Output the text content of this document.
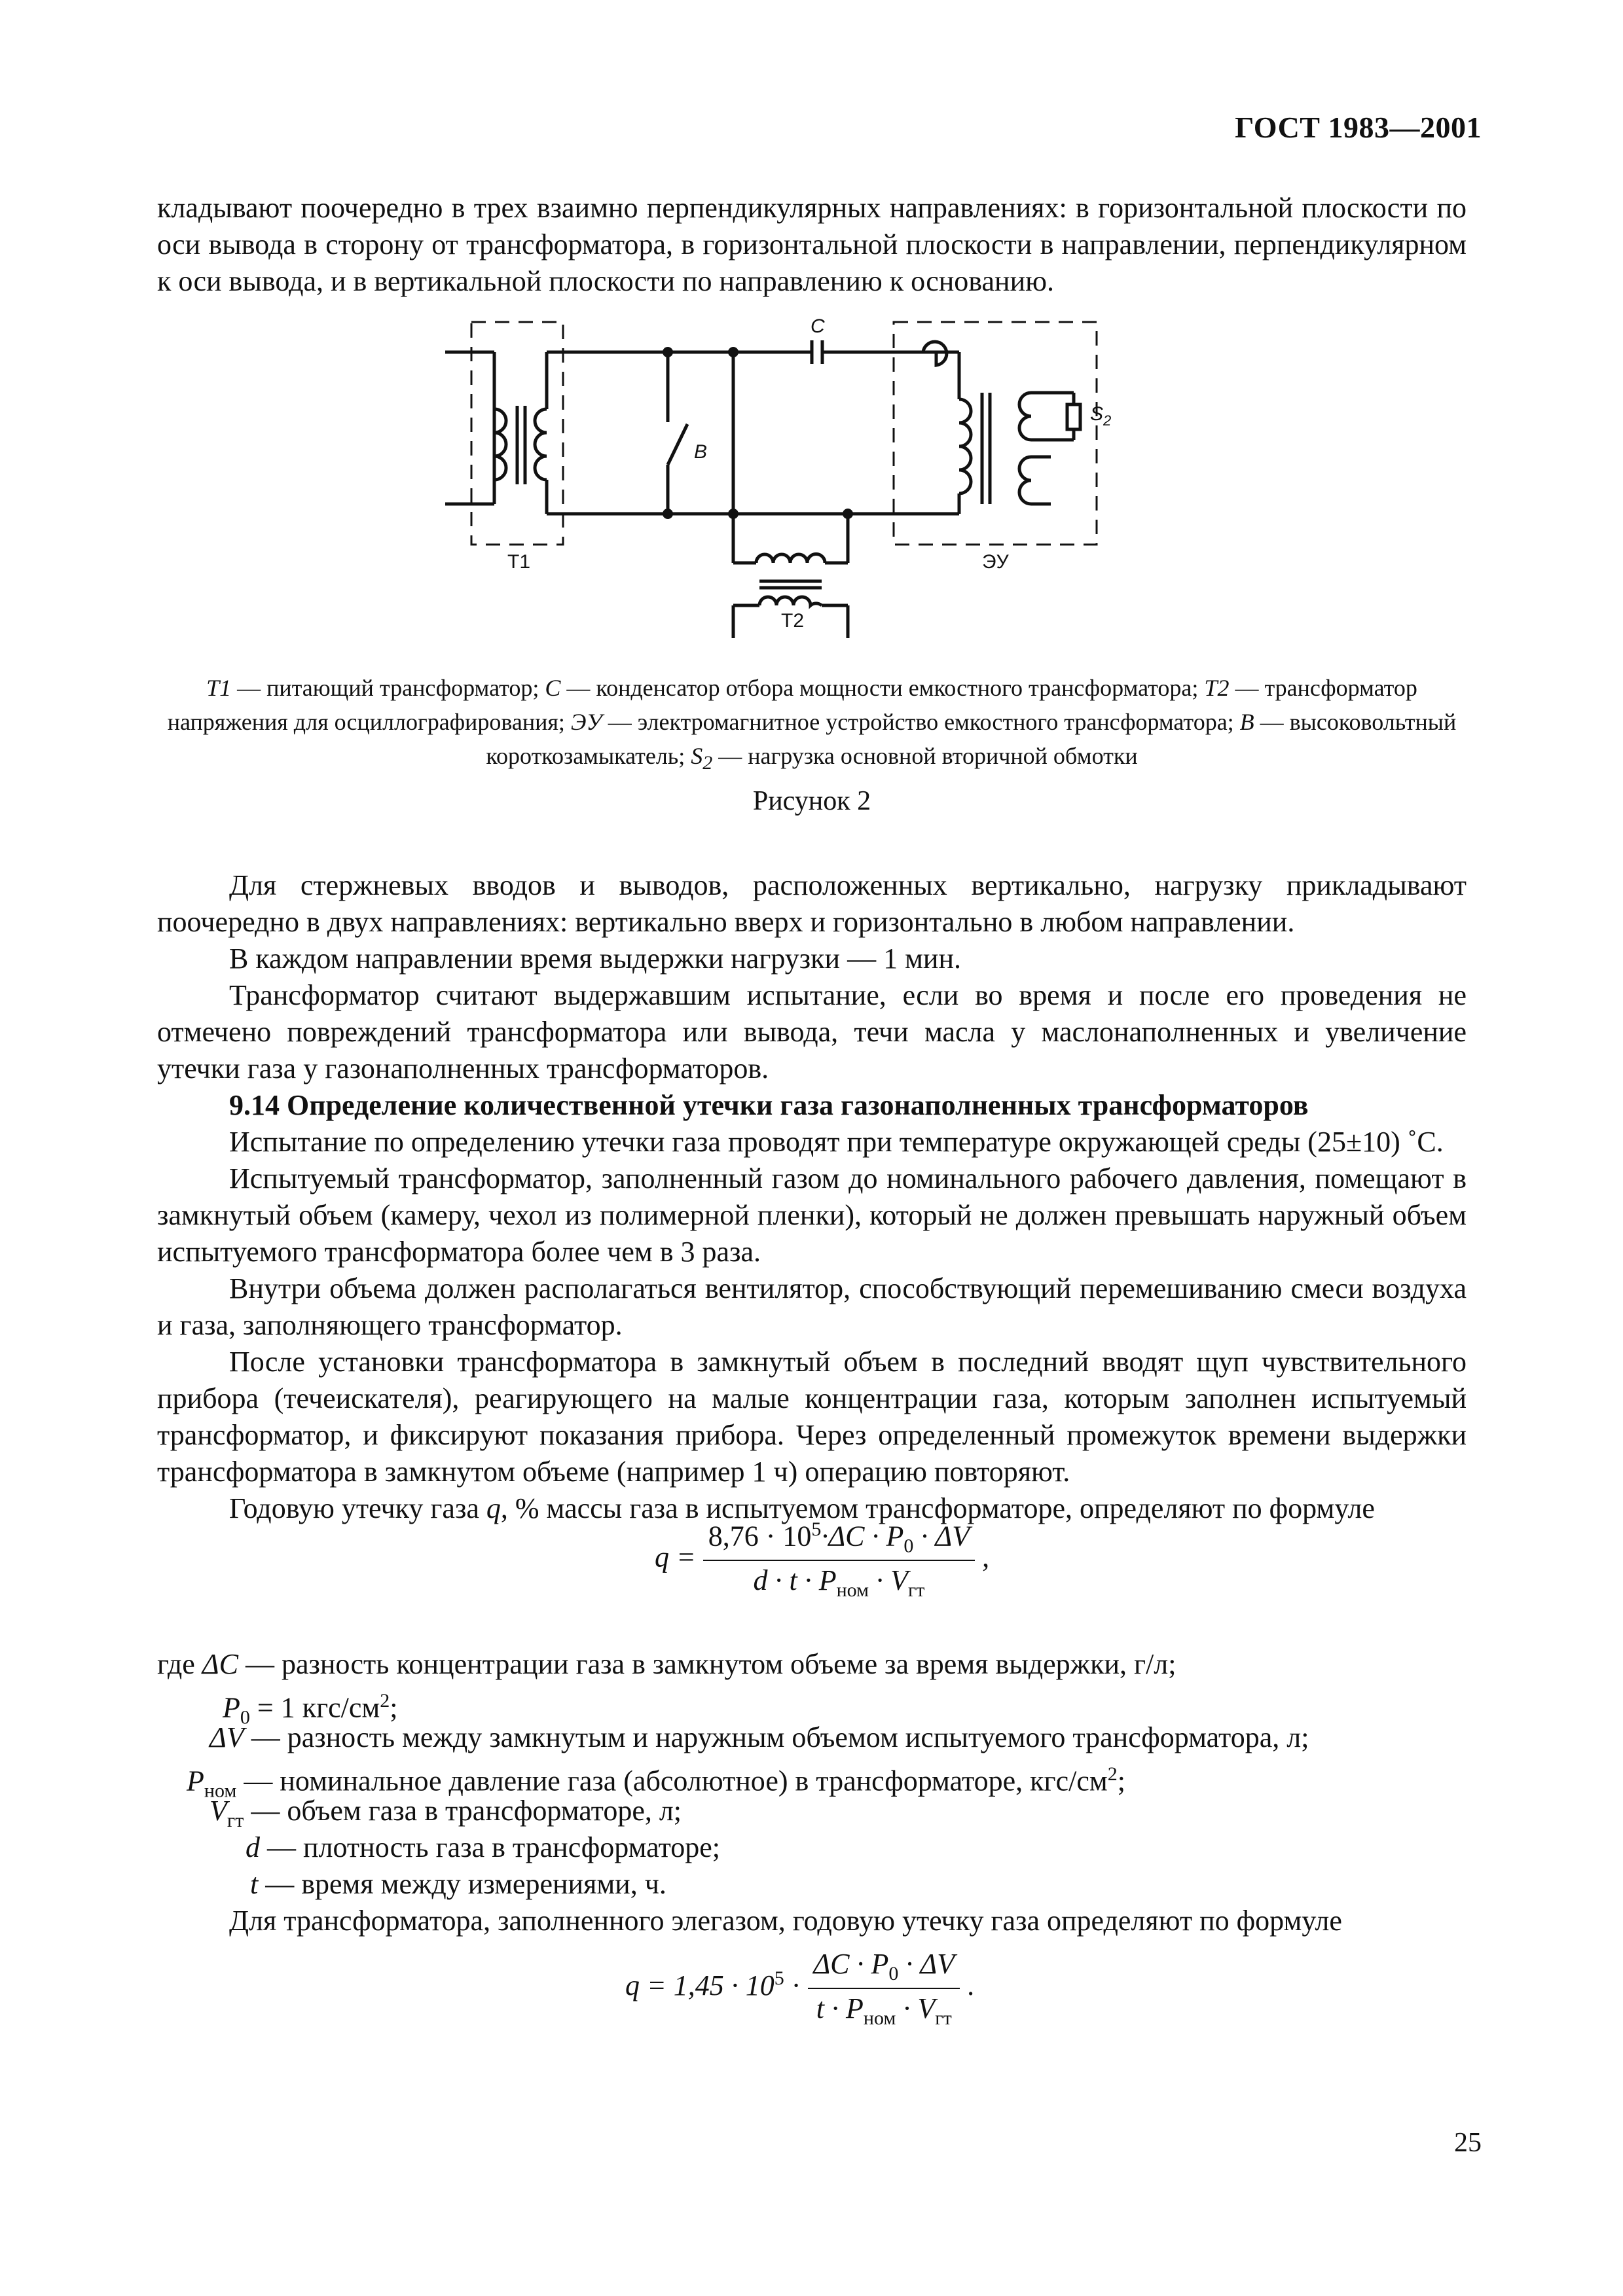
ГОСТ 1983—2001

кладывают поочередно в трех взаимно перпендикулярных направлениях: в горизонтальной плоскости по оси вывода в сторону от трансформатора, в горизонтальной плоскости в направлении, перпендикулярном к оси вывода, и в вертикальной плоскости по направлению к основанию.

C
B
$S_2$
T1
T2
ЭУ
T1 — питающий трансформатор; C — конденсатор отбора мощности емкостного трансформатора; T2 — трансформатор напряжения для осциллографирования; ЭУ — электромагнитное устройство емкостного трансформатора; B — высоковольтный короткозамыкатель; $S_2$ — нагрузка основной вторичной обмотки
Рисунок 2

Для стержневых вводов и выводов, расположенных вертикально, нагрузку прикладывают поочередно в двух направлениях: вертикально вверх и горизонтально в любом направлении.

В каждом направлении время выдержки нагрузки — 1 мин.

Трансформатор считают выдержавшим испытание, если во время и после его проведения не отмечено повреждений трансформатора или вывода, течи масла у маслонаполненных и увеличение утечки газа у газонаполненных трансформаторов.

9.14 Определение количественной утечки газа газонаполненных трансформаторов

Испытание по определению утечки газа проводят при температуре окружающей среды (25±10) ˚C.

Испытуемый трансформатор, заполненный газом до номинального рабочего давления, помещают в замкнутый объем (камеру, чехол из полимерной пленки), который не должен превышать наружный объем испытуемого трансформатора более чем в 3 раза.

Внутри объема должен располагаться вентилятор, способствующий перемешиванию смеси воздуха и газа, заполняющего трансформатор.

После установки трансформатора в замкнутый объем в последний вводят щуп чувствительного прибора (течеискателя), реагирующего на малые концентрации газа, которым заполнен испытуемый трансформатор, и фиксируют показания прибора. Через определенный промежуток времени выдержки трансформатора в замкнутом объеме (например 1 ч) операцию повторяют.

Годовую утечку газа q, % массы газа в испытуемом трансформаторе, определяют по формуле

$q = \frac{8,76 \cdot 10^5\cdot\Delta C \cdot P_0 \cdot \Delta V}{d \cdot t \cdot P_{ном} \cdot V_{гт}}$ ,
где ΔC — разность концентрации газа в замкнутом объеме за время выдержки, г/л;
$P_0 = 1$ кгс/$см^2$;
ΔV — разность между замкнутым и наружным объемом испытуемого трансформатора, л;
$P_{ном}$ — номинальное давление газа (абсолютное) в трансформаторе, кгс/$см^2$;
$V_{гт}$ — объем газа в трансформаторе, л;
d — плотность газа в трансформаторе;
t — время между измерениями, ч.
Для трансформатора, заполненного элегазом, годовую утечку газа определяют по формуле
$q = 1,45 \cdot 10^5 \cdot \frac{\Delta C \cdot P_0 \cdot \Delta V}{t \cdot P_{ном} \cdot V_{гт}}$ .
25
